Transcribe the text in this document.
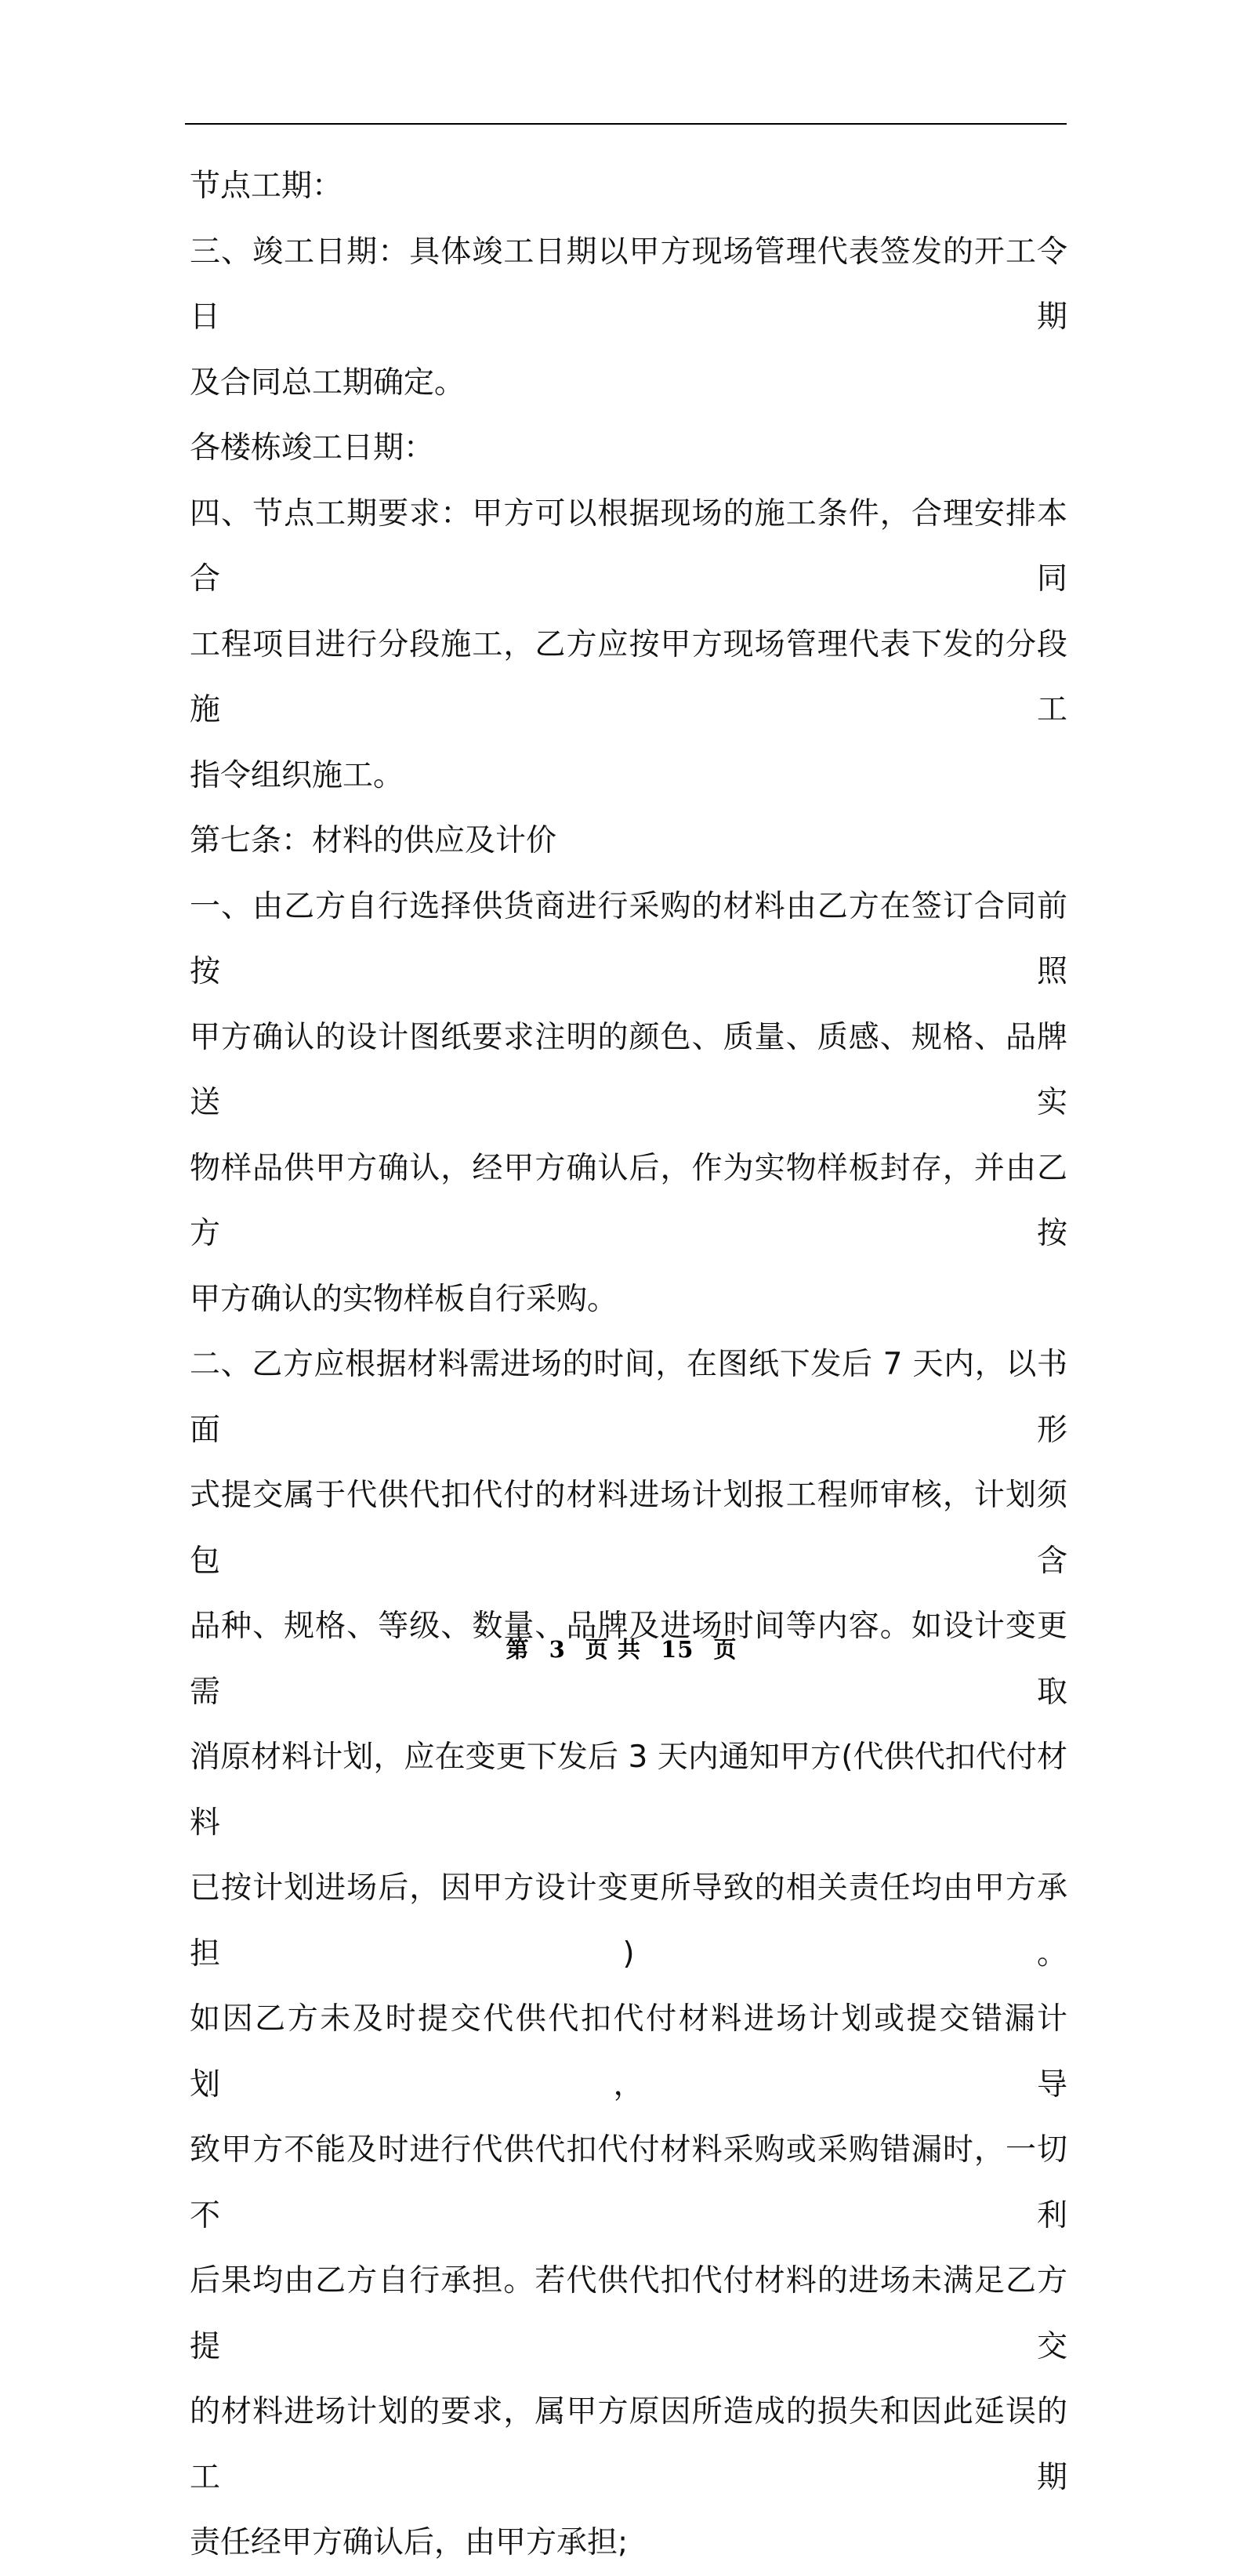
节点工期：

三、竣工日期：具体竣工日期以甲方现场管理代表签发的开工令日期

及合同总工期确定。

各楼栋竣工日期：

四、节点工期要求：甲方可以根据现场的施工条件，合理安排本合同

工程项目进行分段施工，乙方应按甲方现场管理代表下发的分段施工

指令组织施工。

第七条：材料的供应及计价

一、由乙方自行选择供货商进行采购的材料由乙方在签订合同前按照

甲方确认的设计图纸要求注明的颜色、质量、质感、规格、品牌送实

物样品供甲方确认，经甲方确认后，作为实物样板封存，并由乙方按

甲方确认的实物样板自行采购。

二、乙方应根据材料需进场的时间，在图纸下发后 7 天内，以书面形

式提交属于代供代扣代付的材料进场计划报工程师审核，计划须包含

品种、规格、等级、数量、品牌及进场时间等内容。如设计变更需取

消原材料计划，应在变更下发后 3 天内通知甲方(代供代扣代付材料

已按计划进场后，因甲方设计变更所导致的相关责任均由甲方承担)。

如因乙方未及时提交代供代扣代付材料进场计划或提交错漏计划，导

致甲方不能及时进行代供代扣代付材料采购或采购错漏时，一切不利

后果均由乙方自行承担。若代供代扣代付材料的进场未满足乙方提交

的材料进场计划的要求，属甲方原因所造成的损失和因此延误的工期

责任经甲方确认后，由甲方承担;

第 3 页 共 15 页
